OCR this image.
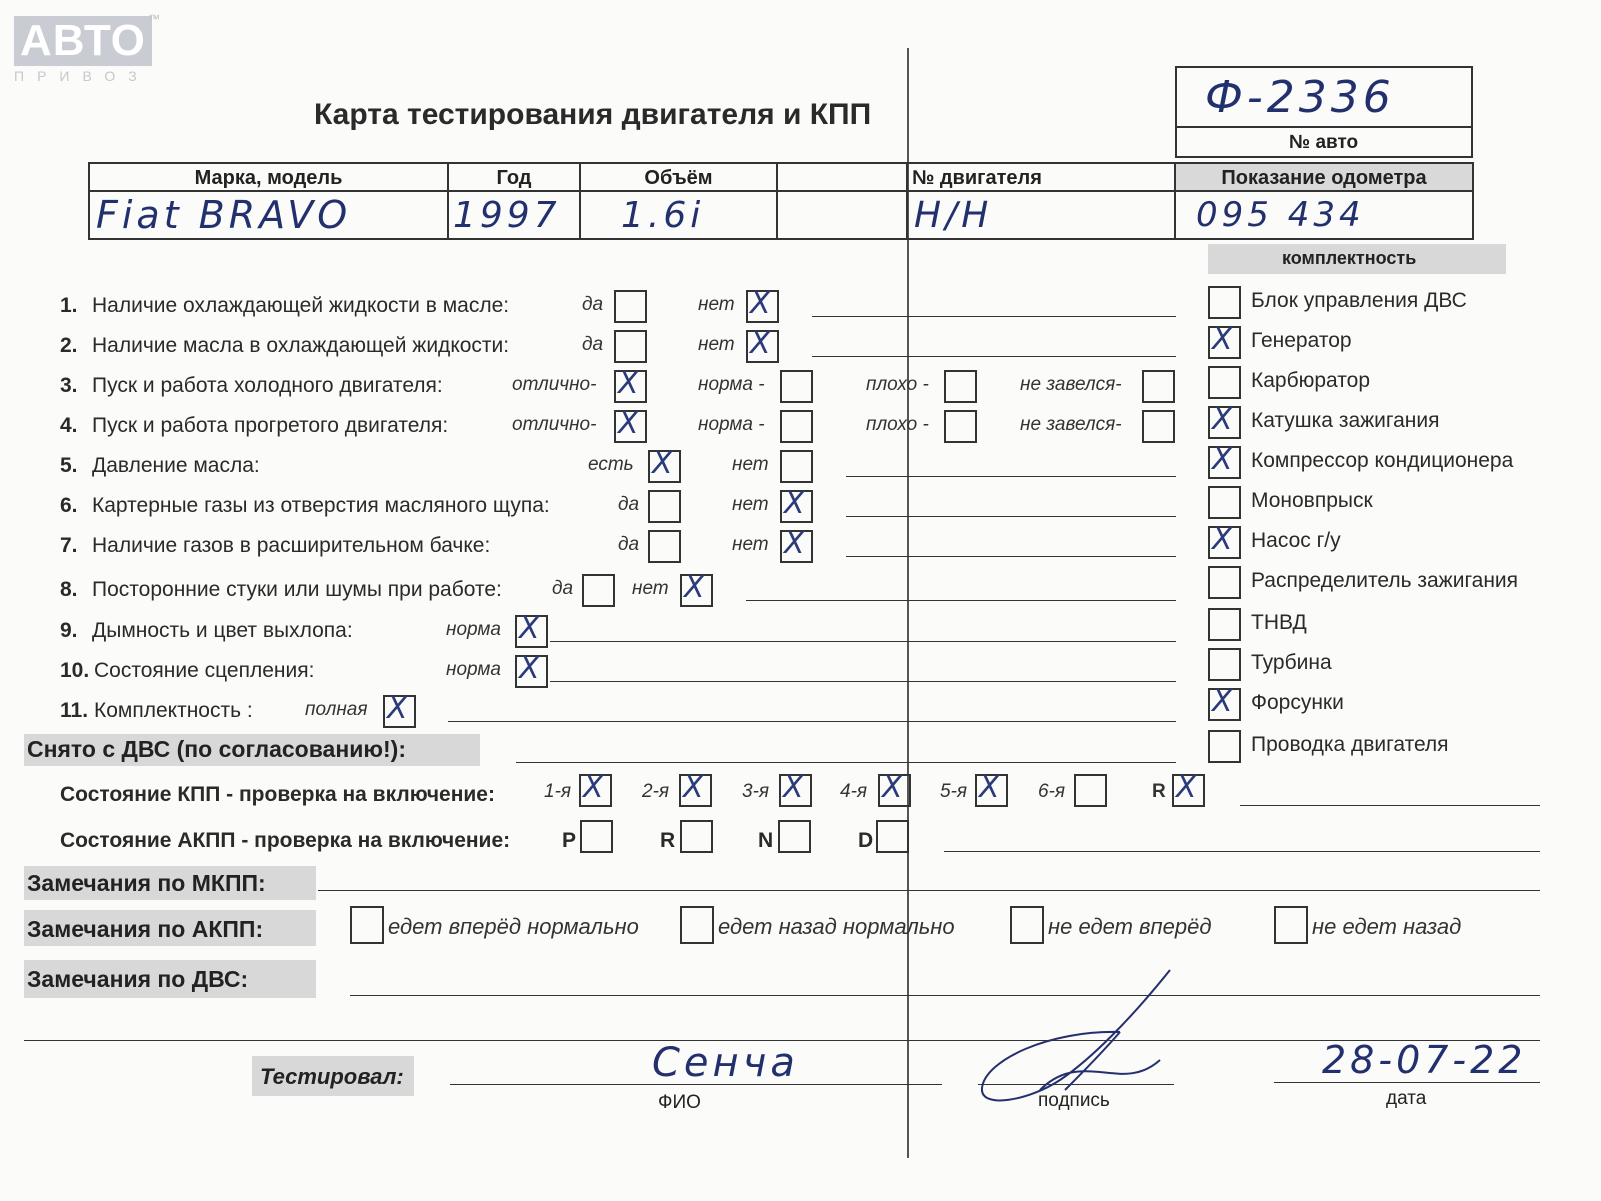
АВТО ™
ПРИВОЗ
Карта тестирования двигателя и КПП	Ф-2336
№ авто
Марка, модель	Год	Объём		№ двигателя	Показание одометра
Fiat BRAVO	1997	1.6i		Н/Н	095 434
комплектность
1. Наличие охлаждающей жидкости в масле:	да	нет X
2. Наличие масла в охлаждающей жидкости:	да	нет X
3. Пуск и работа холодного двигателя:	отлично- X	норма -	плохо -	не завелся-
4. Пуск и работа прогретого двигателя:	отлично- X	норма -	плохо -	не завелся-
5. Давление масла:	есть X	нет
6. Картерные газы из отверстия масляного щупа:	да	нет X
7. Наличие газов в расширительном бачке:	да	нет X
8. Посторонние стуки или шумы при работе:	да	нет X
9. Дымность и цвет выхлопа:	норма X
10. Состояние сцепления:	норма X
11. Комплектность :	полная X
Блок управления ДВС
X Генератор
Карбюратор
X Катушка зажигания
X Компрессор кондиционера
Моновпрыск
X Насос г/у
Распределитель зажигания
ТНВД
Турбина
X Форсунки
Проводка двигателя
Снято с ДВС (по согласованию!):
Состояние КПП - проверка на включение:	1-я X 2-я X 3-я X 4-я X 5-я X 6-я	R X
Состояние АКПП - проверка на включение: P	R	N	D
Замечания по МКПП:
Замечания по АКПП:	едет вперёд нормально	едет назад нормально	не едет вперёд	не едет назад
Замечания по ДВС:
Тестировал:	Сенча
ФИО	подпись
28-07-22
дата
